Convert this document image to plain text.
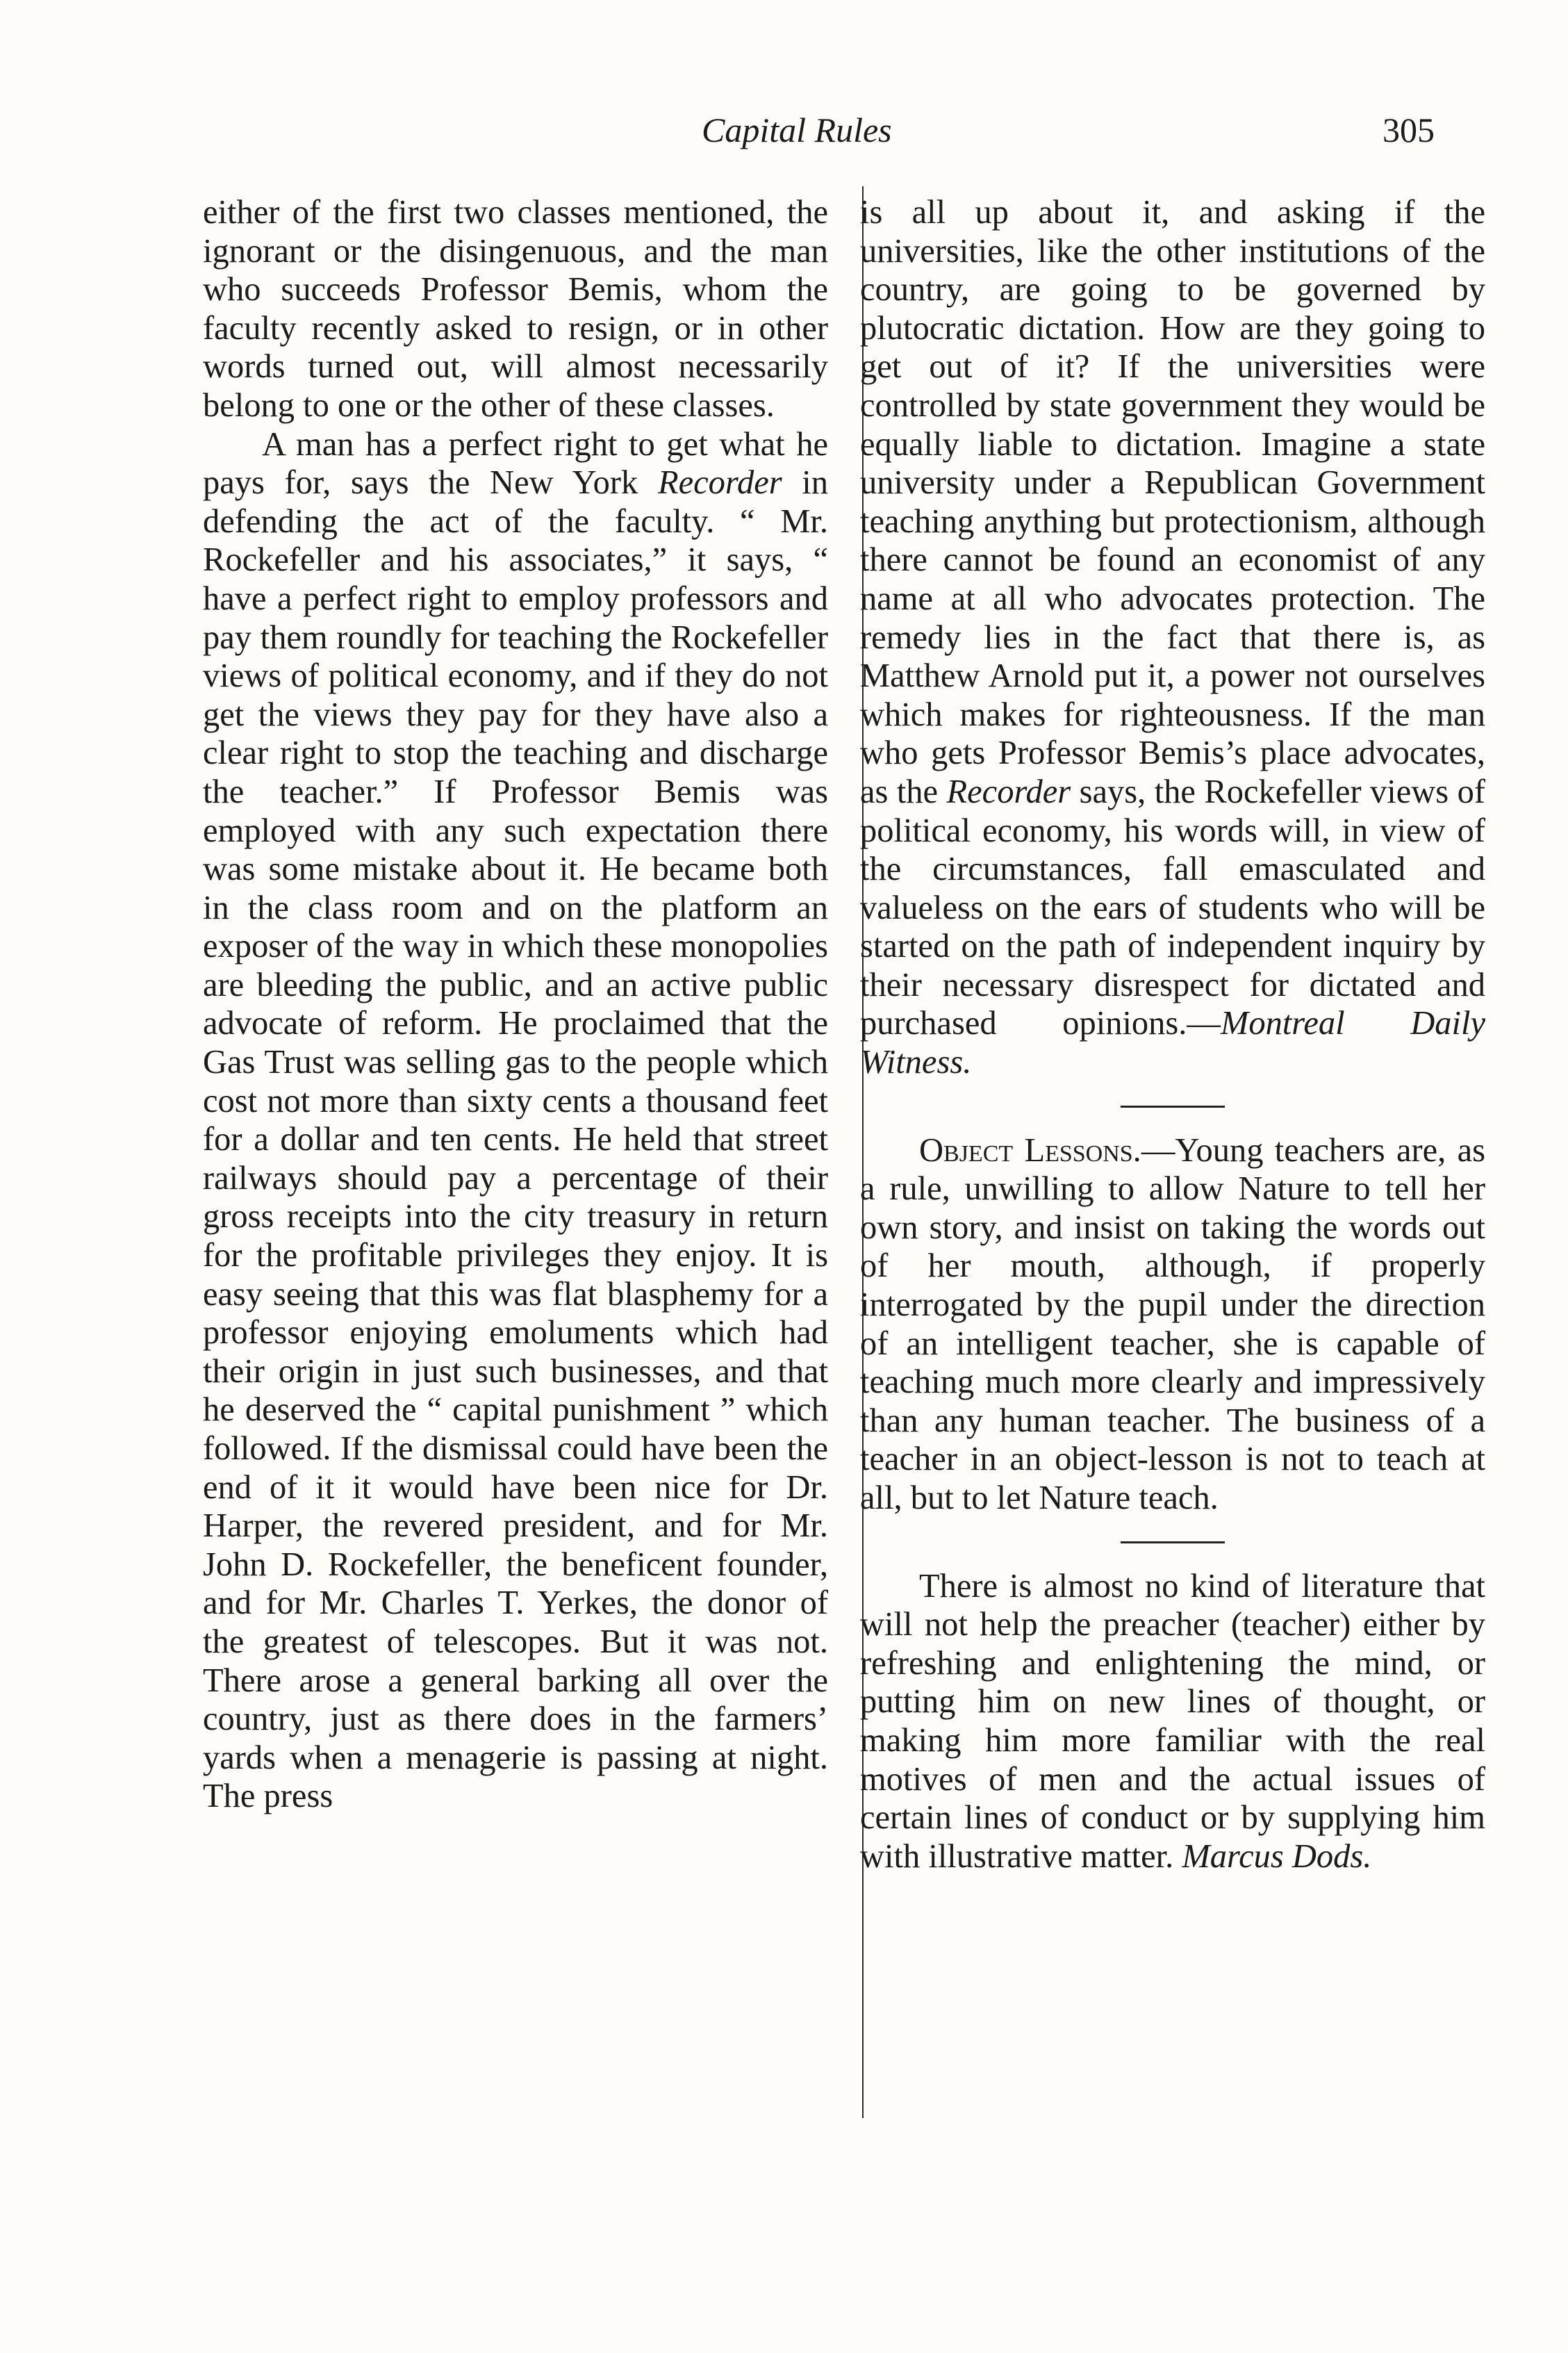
Capital Rules	305

either of the first two classes mentioned, the ignorant or the disingenuous, and the man who succeeds Professor Bemis, whom the faculty recently asked to resign, or in other words turned out, will almost necessarily belong to one or the other of these classes.

A man has a perfect right to get what he pays for, says the New York Recorder in defending the act of the faculty. “ Mr. Rockefeller and his associates,” it says, “ have a perfect right to employ professors and pay them roundly for teaching the Rockefeller views of political economy, and if they do not get the views they pay for they have also a clear right to stop the teaching and discharge the teacher.” If Professor Bemis was employed with any such expectation there was some mistake about it. He became both in the class room and on the platform an exposer of the way in which these monopolies are bleeding the public, and an active public advocate of reform. He proclaimed that the Gas Trust was selling gas to the people which cost not more than sixty cents a thousand feet for a dollar and ten cents. He held that street railways should pay a percentage of their gross receipts into the city treasury in return for the profitable privileges they enjoy. It is easy seeing that this was flat blasphemy for a professor enjoying emoluments which had their origin in just such businesses, and that he deserved the “ capital punishment ” which followed. If the dismissal could have been the end of it it would have been nice for Dr. Harper, the revered president, and for Mr. John D. Rockefeller, the beneficent founder, and for Mr. Charles T. Yerkes, the donor of the greatest of telescopes. But it was not. There arose a general barking all over the country, just as there does in the farmers’ yards when a menagerie is passing at night. The press

is all up about it, and asking if the universities, like the other institutions of the country, are going to be governed by plutocratic dictation. How are they going to get out of it? If the universities were controlled by state government they would be equally liable to dictation. Imagine a state university under a Republican Government teaching anything but protectionism, although there cannot be found an economist of any name at all who advocates protection. The remedy lies in the fact that there is, as Matthew Arnold put it, a power not ourselves which makes for righteousness. If the man who gets Professor Bemis’s place advocates, as the Recorder says, the Rockefeller views of political economy, his words will, in view of the circumstances, fall emasculated and valueless on the ears of students who will be started on the path of independent inquiry by their necessary disrespect for dictated and purchased opinions.—Montreal Daily Witness.

Object Lessons.—Young teachers are, as a rule, unwilling to allow Nature to tell her own story, and insist on taking the words out of her mouth, although, if properly interrogated by the pupil under the direction of an intelligent teacher, she is capable of teaching much more clearly and impressively than any human teacher. The business of a teacher in an object-lesson is not to teach at all, but to let Nature teach.

There is almost no kind of literature that will not help the preacher (teacher) either by refreshing and enlightening the mind, or putting him on new lines of thought, or making him more familiar with the real motives of men and the actual issues of certain lines of conduct or by supplying him with illustrative matter. Marcus Dods.
